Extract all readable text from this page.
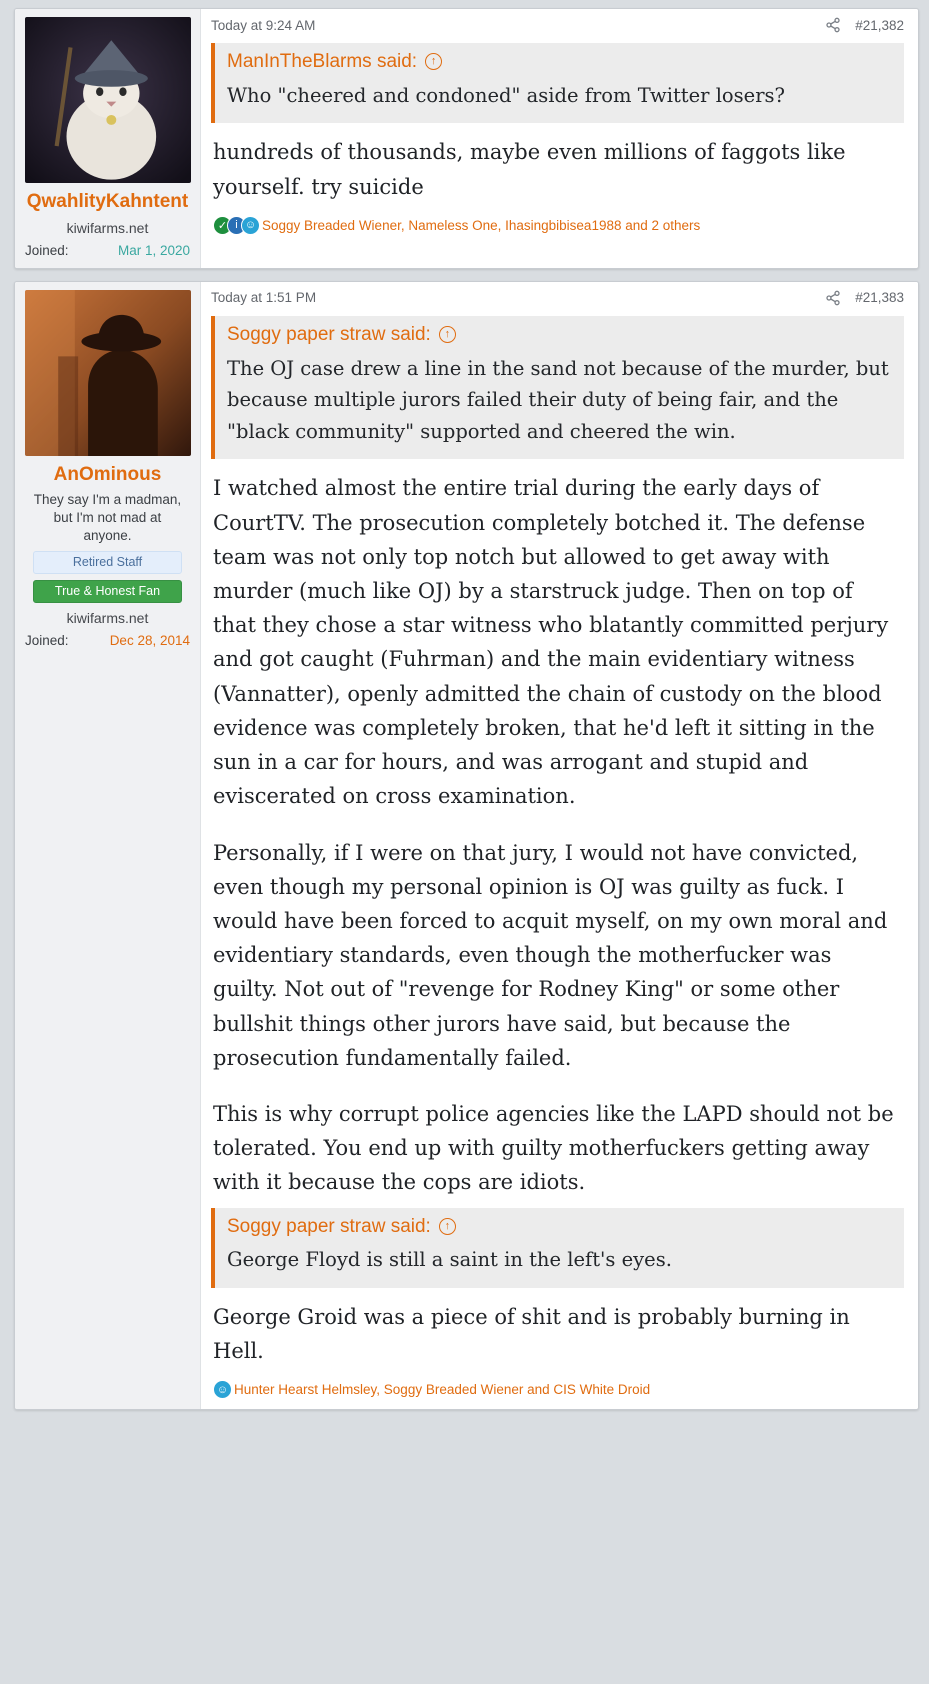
QwahlityKahntent
kiwifarms.net
Joined:	Mar 1, 2020
Today at 9:24 AM	#21,382
ManInTheBlarms said:	↑
Who "cheered and condoned" aside from Twitter losers?

hundreds of thousands, maybe even millions of faggots like yourself. try suicide

✓ i ☺ Soggy Breaded Wiener, Nameless One, Ihasingbibisea1988 and 2 others
AnOminous
They say I'm a madman, but I'm not mad at anyone.
Retired Staff
True & Honest Fan
kiwifarms.net
Joined:	Dec 28, 2014
Today at 1:51 PM	#21,383
Soggy paper straw said:	↑
The OJ case drew a line in the sand not because of the murder, but because multiple jurors failed their duty of being fair, and the "black community" supported and cheered the win.

I watched almost the entire trial during the early days of CourtTV. The prosecution completely botched it. The defense team was not only top notch but allowed to get away with murder (much like OJ) by a starstruck judge. Then on top of that they chose a star witness who blatantly committed perjury and got caught (Fuhrman) and the main evidentiary witness (Vannatter), openly admitted the chain of custody on the blood evidence was completely broken, that he'd left it sitting in the sun in a car for hours, and was arrogant and stupid and eviscerated on cross examination.

Personally, if I were on that jury, I would not have convicted, even though my personal opinion is OJ was guilty as fuck. I would have been forced to acquit myself, on my own moral and evidentiary standards, even though the motherfucker was guilty. Not out of "revenge for Rodney King" or some other bullshit things other jurors have said, but because the prosecution fundamentally failed.

This is why corrupt police agencies like the LAPD should not be tolerated. You end up with guilty motherfuckers getting away with it because the cops are idiots.

Soggy paper straw said:	↑
George Floyd is still a saint in the left's eyes.

George Groid was a piece of shit and is probably burning in Hell.

☺ Hunter Hearst Helmsley, Soggy Breaded Wiener and CIS White Droid
